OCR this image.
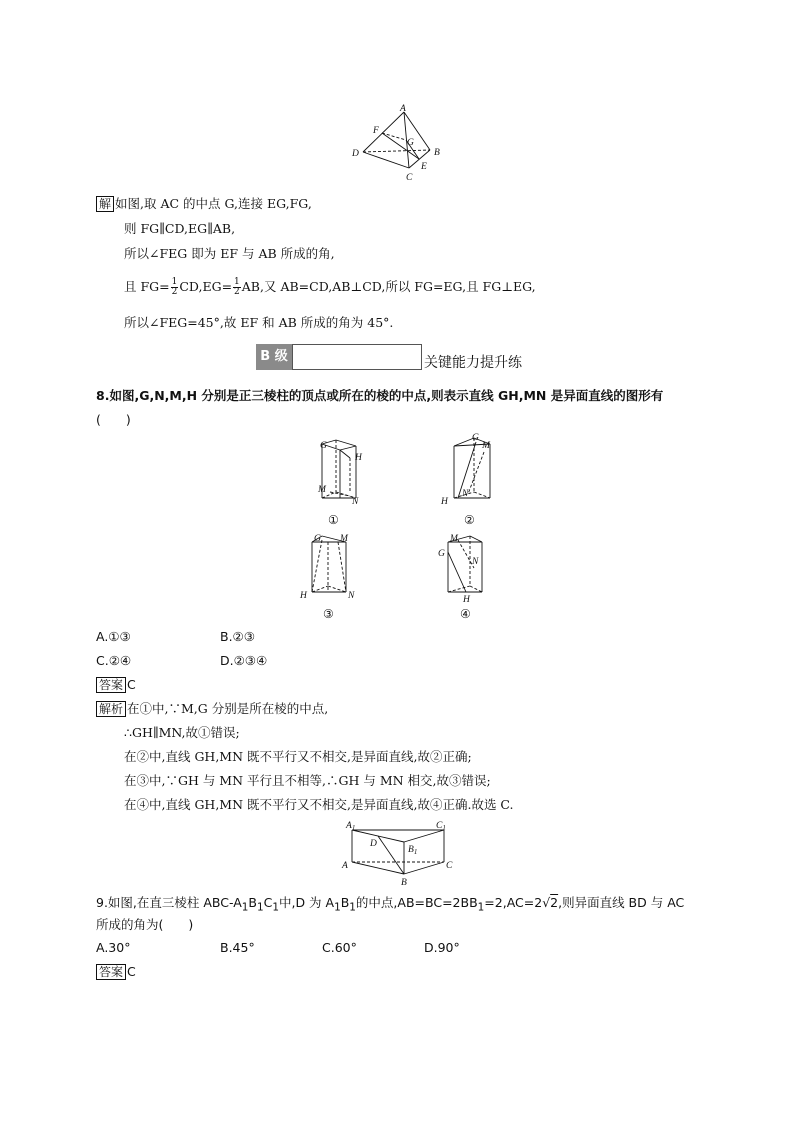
A
B
C
D
E
F
G
解 如图,取 AC 的中点 G,连接 EG,FG,
则 FG∥CD,EG∥AB,
所以∠FEG 即为 EF 与 AB 所成的角,
且 $FG= \frac{1}{2} CD,EG= \frac{1}{2}$ AB,又 AB=CD,AB⊥CD,所以 FG=EG,且 FG⊥EG,
所以∠FEG=45°,故 EF 和 AB 所成的角为 45°.
B 级	关键能力提升练
8.如图,G,N,M,H 分别是正三棱柱的顶点或所在的棱的中点,则表示直线 GH,MN 是异面直线的图形有
(　　)
G
H
M
N
①
G
M
H
N
②
G M
H	N
③
M
G
N
H
④
A.①③	B.②③
C.②④	D.②③④
答案 C
解析 在①中,∵M,G 分别是所在棱的中点,
∴GH∥MN,故①错误;
在②中,直线 GH,MN 既不平行又不相交,是异面直线,故②正确;
在③中,∵GH 与 MN 平行且不相等,∴GH 与 MN 相交,故③错误;
在④中,直线 GH,MN 既不平行又不相交,是异面直线,故④正确.故选 C.
$A_1$	$C_1$
$B_1$
D
A	C
B
9.如图,在直三棱柱 ABC-$A_1B_1C_1$中,D 为 $A_1B_1$的中点$,AB=BC=2BB_1=2,AC=2√2$,则异面直线 BD 与 AC
所成的角为(　　)
A.30°	B.45°	C.60°	D.90°
答案 C
